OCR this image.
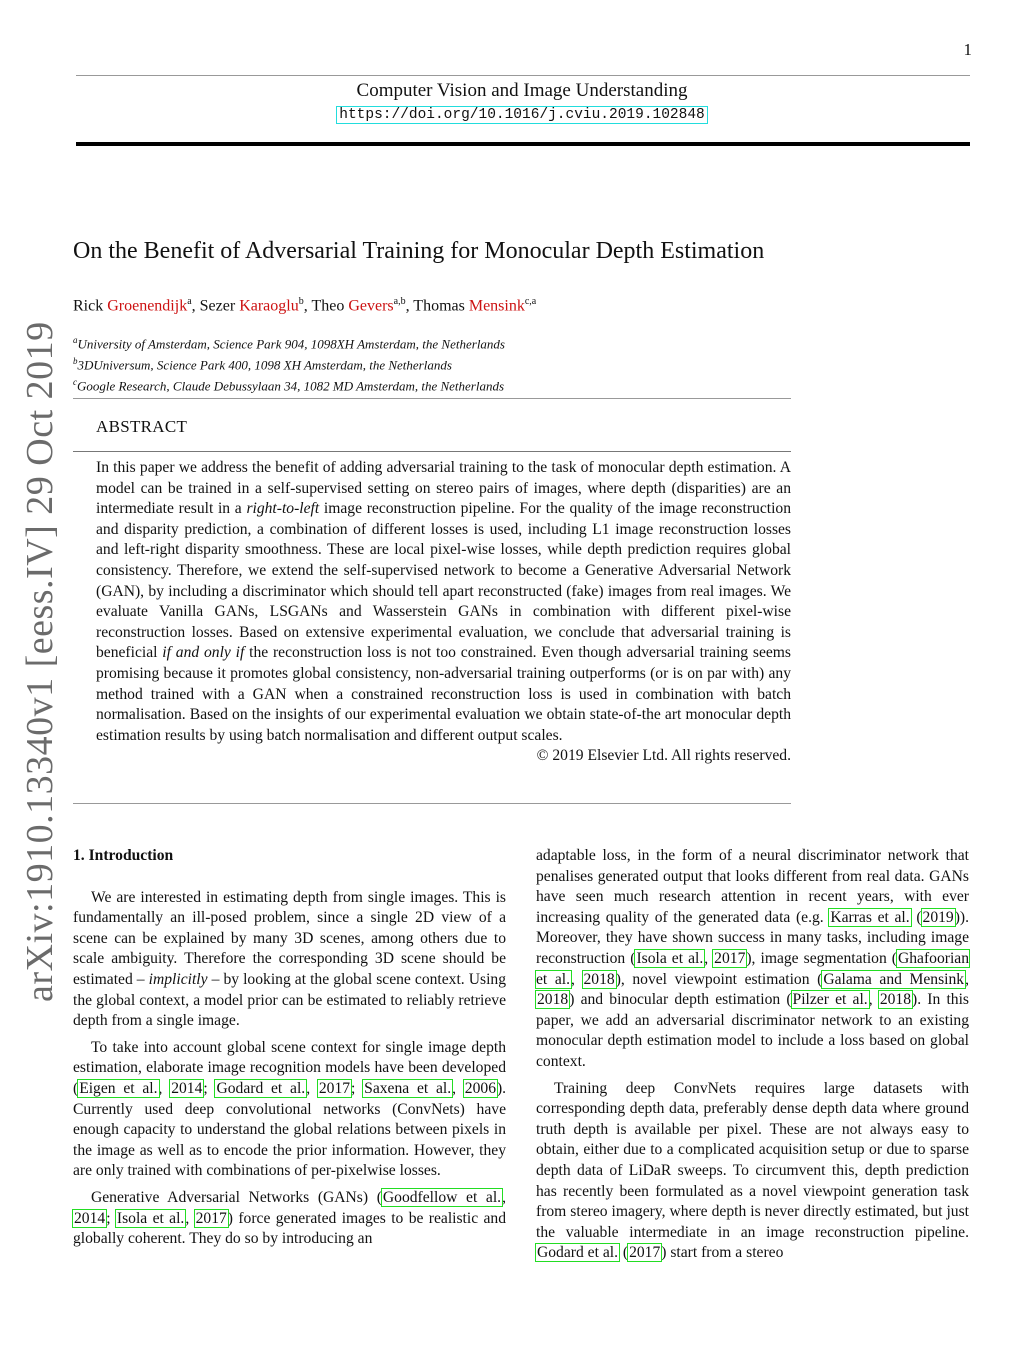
1
Computer Vision and Image Understanding
https://doi.org/10.1016/j.cviu.2019.102848
On the Benefit of Adversarial Training for Monocular Depth Estimation
Rick Groenendijk$^a$, Sezer Karaoglu$^b$, Theo Gevers$^{a,b}$, Thomas Mensink$^{c,a}$
$^a$University of Amsterdam, Science Park 904, 1098XH Amsterdam, the Netherlands
$^b$3DUniversum, Science Park 400, 1098 XH Amsterdam, the Netherlands
$^c$Google Research, Claude Debussylaan 34, 1082 MD Amsterdam, the Netherlands
ABSTRACT
In this paper we address the benefit of adding adversarial training to the task of monocular depth estimation. A model can be trained in a self-supervised setting on stereo pairs of images, where depth (disparities) are an intermediate result in a right-to-left image reconstruction pipeline. For the quality of the image reconstruction and disparity prediction, a combination of different losses is used, including L1 image reconstruction losses and left-right disparity smoothness. These are local pixel-wise losses, while depth prediction requires global consistency. Therefore, we extend the self-supervised network to become a Generative Adversarial Network (GAN), by including a discriminator which should tell apart reconstructed (fake) images from real images. We evaluate Vanilla GANs, LSGANs and Wasserstein GANs in combination with different pixel-wise reconstruction losses. Based on extensive experimental evaluation, we conclude that adversarial training is beneficial if and only if the reconstruction loss is not too constrained. Even though adversarial training seems promising because it promotes global consistency, non-adversarial training outperforms (or is on par with) any method trained with a GAN when a constrained reconstruction loss is used in combination with batch normalisation. Based on the insights of our experimental evaluation we obtain state-of-the art monocular depth estimation results by using batch normalisation and different output scales.
© 2019 Elsevier Ltd. All rights reserved.
arXiv:1910.13340v1 [eess.IV] 29 Oct 2019 1. Introduction

We are interested in estimating depth from single images. This is fundamentally an ill-posed problem, since a single 2D view of a scene can be explained by many 3D scenes, among others due to scale ambiguity. Therefore the corresponding 3D scene should be estimated – implicitly – by looking at the global scene context. Using the global context, a model prior can be estimated to reliably retrieve depth from a single image.

To take into account global scene context for single image depth estimation, elaborate image recognition models have been developed (Eigen et al., 2014; Godard et al., 2017; Saxena et al., 2006). Currently used deep convolutional networks (ConvNets) have enough capacity to understand the global relations between pixels in the image as well as to encode the prior information. However, they are only trained with combinations of per-pixelwise losses.

Generative Adversarial Networks (GANs) (Goodfellow et al., 2014; Isola et al., 2017) force generated images to be realistic and globally coherent. They do so by introducing an

adaptable loss, in the form of a neural discriminator network that penalises generated output that looks different from real data. GANs have seen much research attention in recent years, with ever increasing quality of the generated data (e.g. Karras et al. (2019)). Moreover, they have shown success in many tasks, including image reconstruction (Isola et al., 2017), image segmentation (Ghafoorian et al., 2018), novel viewpoint estimation (Galama and Mensink, 2018) and binocular depth estimation (Pilzer et al., 2018). In this paper, we add an adversarial discriminator network to an existing monocular depth estimation model to include a loss based on global context.

Training deep ConvNets requires large datasets with corresponding depth data, preferably dense depth data where ground truth depth is available per pixel. These are not always easy to obtain, either due to a complicated acquisition setup or due to sparse depth data of LiDaR sweeps. To circumvent this, depth prediction has recently been formulated as a novel viewpoint generation task from stereo imagery, where depth is never directly estimated, but just the valuable intermediate in an image reconstruction pipeline. Godard et al. (2017) start from a stereo
